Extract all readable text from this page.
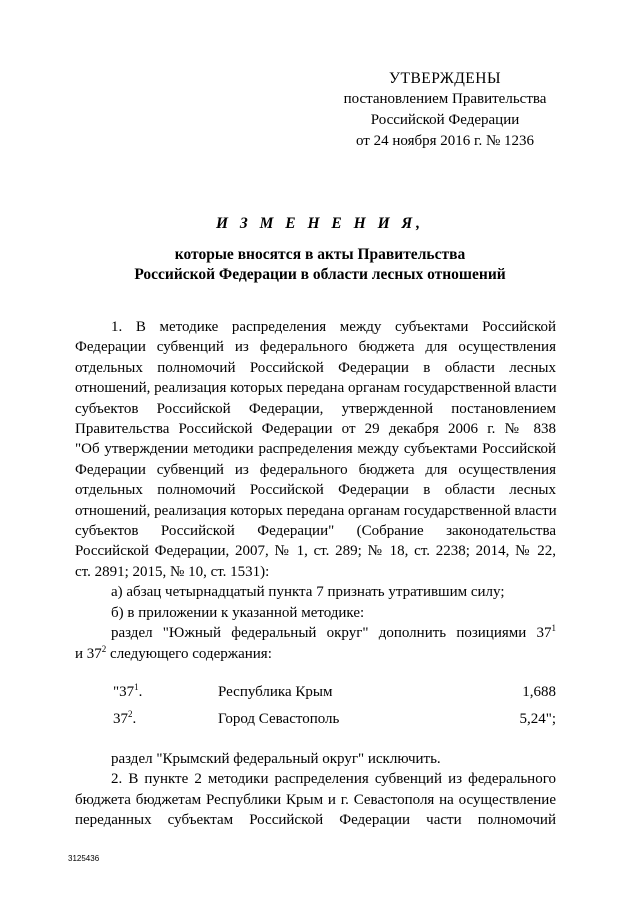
УТВЕРЖДЕНЫ
постановлением Правительства
Российской Федерации
от 24 ноября 2016 г. № 1236
И З М Е Н Е Н И Я,
которые вносятся в акты Правительства
Российской Федерации в области лесных отношений
1. В методике распределения между субъектами Российской
Федерации субвенций из федерального бюджета для осуществления
отдельных полномочий Российской Федерации в области лесных
отношений, реализация которых передана органам государственной власти
субъектов Российской Федерации, утвержденной постановлением
Правительства Российской Федерации от 29 декабря 2006 г. № 838
"Об утверждении методики распределения между субъектами Российской
Федерации субвенций из федерального бюджета для осуществления
отдельных полномочий Российской Федерации в области лесных
отношений, реализация которых передана органам государственной власти
субъектов Российской Федерации" (Собрание законодательства
Российской Федерации, 2007, № 1, ст. 289; № 18, ст. 2238; 2014, № 22,
ст. 2891; 2015, № 10, ст. 1531):
а) абзац четырнадцатый пункта 7 признать утратившим силу;
б) в приложении к указанной методике:
раздел "Южный федеральный округ" дополнить позициями $37^1$
и $37^2$ следующего содержания:
"$37^1$.	Республика Крым	1,688
$37^2$.	Город Севастополь	5,24";
раздел "Крымский федеральный округ" исключить.
2. В пункте 2 методики распределения субвенций из федерального
бюджета бюджетам Республики Крым и г. Севастополя на осуществление
переданных субъектам Российской Федерации части полномочий
3125436
